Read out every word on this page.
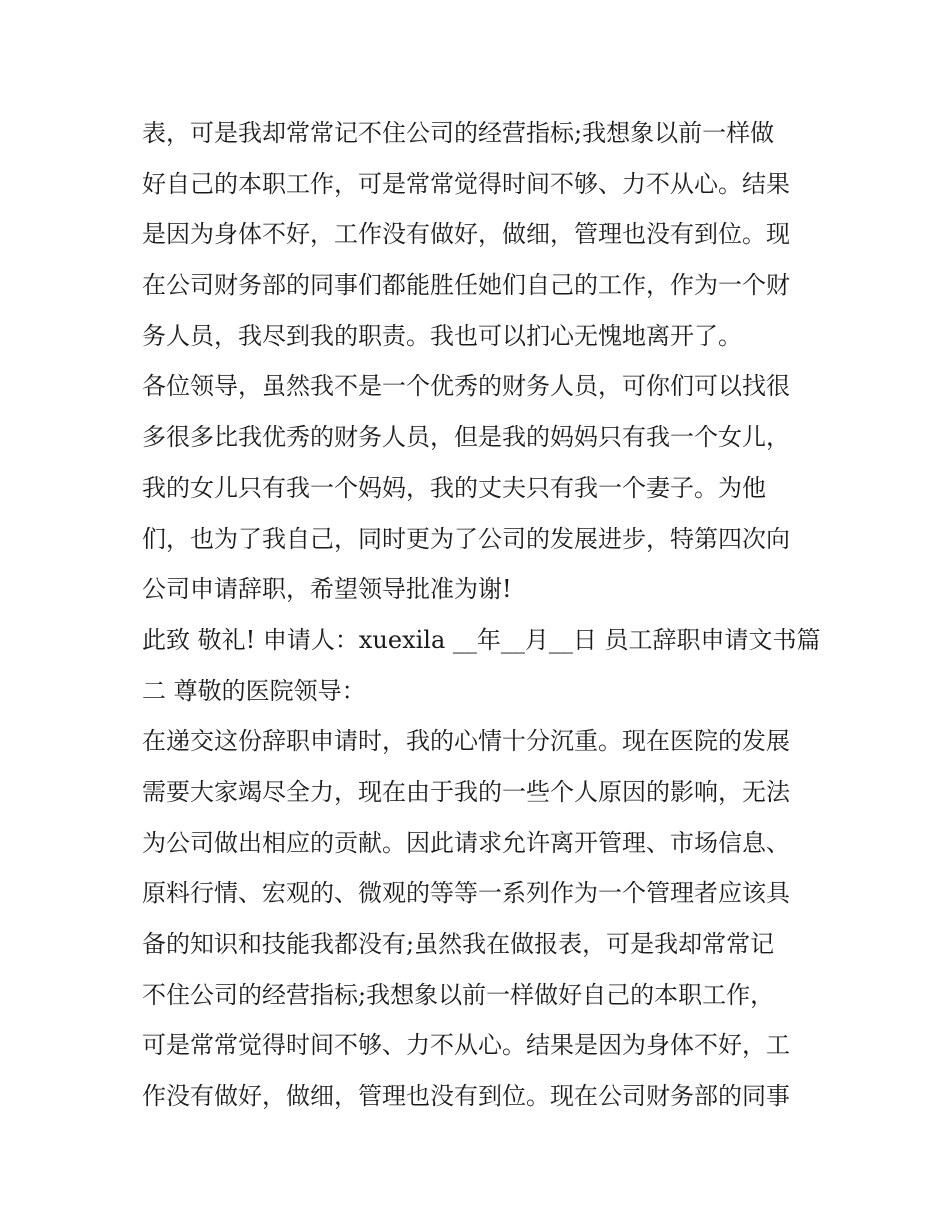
表，可是我却常常记不住公司的经营指标;我想象以前一样做
好自己的本职工作，可是常常觉得时间不够、力不从心。结果
是因为身体不好，工作没有做好，做细，管理也没有到位。现
在公司财务部的同事们都能胜任她们自己的工作，作为一个财
务人员，我尽到我的职责。我也可以扪心无愧地离开了。
各位领导，虽然我不是一个优秀的财务人员，可你们可以找很
多很多比我优秀的财务人员，但是我的妈妈只有我一个女儿，
我的女儿只有我一个妈妈，我的丈夫只有我一个妻子。为他
们，也为了我自己，同时更为了公司的发展进步，特第四次向
公司申请辞职，希望领导批准为谢!
此致 敬礼! 申请人：xuexila __年__月__日 员工辞职申请文书篇
二 尊敬的医院领导：
在递交这份辞职申请时，我的心情十分沉重。现在医院的发展
需要大家竭尽全力，现在由于我的一些个人原因的影响，无法
为公司做出相应的贡献。因此请求允许离开管理、市场信息、
原料行情、宏观的、微观的等等一系列作为一个管理者应该具
备的知识和技能我都没有;虽然我在做报表，可是我却常常记
不住公司的经营指标;我想象以前一样做好自己的本职工作，
可是常常觉得时间不够、力不从心。结果是因为身体不好，工
作没有做好，做细，管理也没有到位。现在公司财务部的同事
